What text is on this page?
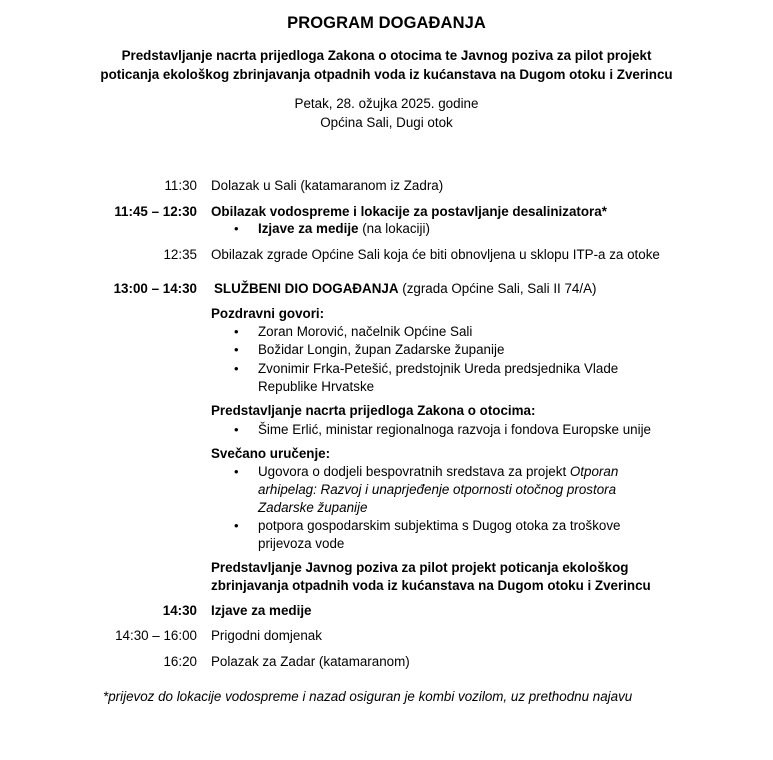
PROGRAM DOGAĐANJA
Predstavljanje nacrta prijedloga Zakona o otocima te Javnog poziva za pilot projekt
poticanja ekološkog zbrinjavanja otpadnih voda iz kućanstava na Dugom otoku i Zverincu
Petak, 28. ožujka 2025. godine
Općina Sali, Dugi otok
11:30 Dolazak u Sali (katamaranom iz Zadra)
11:45 – 12:30 Obilazak vodospreme i lokacije za postavljanje desalinizatora*
• Izjave za medije (na lokaciji)
12:35 Obilazak zgrade Općine Sali koja će biti obnovljena u sklopu ITP-a za otoke
13:00 – 14:30 SLUŽBENI DIO DOGAĐANJA (zgrada Općine Sali, Sali II 74/A)
Pozdravni govori:
• Zoran Morović, načelnik Općine Sali
• Božidar Longin, župan Zadarske županije
• Zvonimir Frka-Petešić, predstojnik Ureda predsjednika Vlade
Republike Hrvatske
Predstavljanje nacrta prijedloga Zakona o otocima:
• Šime Erlić, ministar regionalnoga razvoja i fondova Europske unije
Svečano uručenje:
• Ugovora o dodjeli bespovratnih sredstava za projekt Otporan
arhipelag: Razvoj i unaprjeđenje otpornosti otočnog prostora
Zadarske županije
• potpora gospodarskim subjektima s Dugog otoka za troškove
prijevoza vode
Predstavljanje Javnog poziva za pilot projekt poticanja ekološkog
zbrinjavanja otpadnih voda iz kućanstava na Dugom otoku i Zverincu
14:30 Izjave za medije
14:30 – 16:00 Prigodni domjenak
16:20 Polazak za Zadar (katamaranom)
*prijevoz do lokacije vodospreme i nazad osiguran je kombi vozilom, uz prethodnu najavu
